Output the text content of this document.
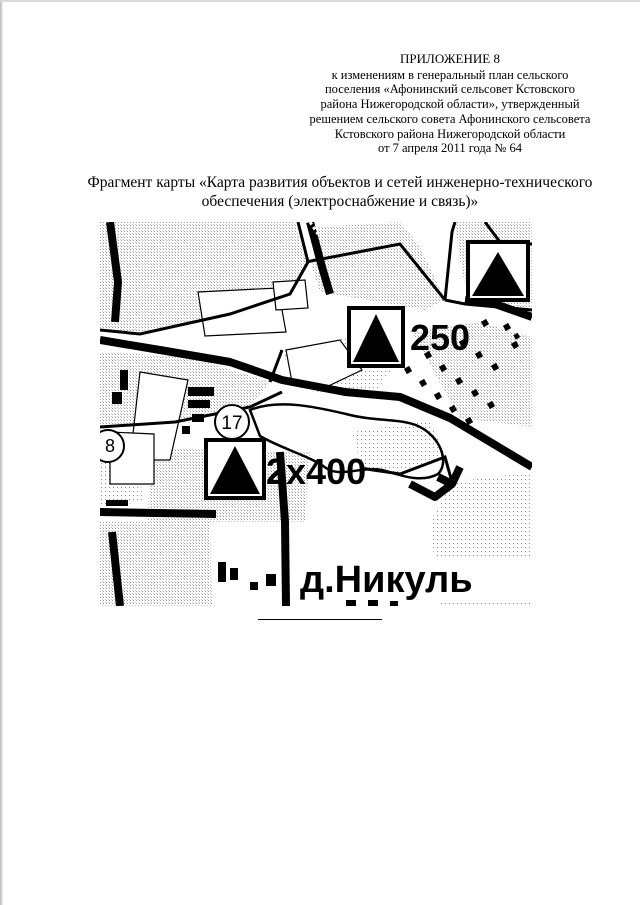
ПРИЛОЖЕНИЕ 8
к изменениям в генеральный план сельского
поселения «Афонинский сельсовет Кстовского
района Нижегородской области», утвержденный
решением сельского совета Афонинского сельсовета
Кстовского района Нижегородской области
от 7 апреля 2011 года № 64
Фрагмент карты «Карта развития объектов и сетей инженерно-технического
обеспечения (электроснабжение и связь)»
8
17
250
2x400
д.Никуль
